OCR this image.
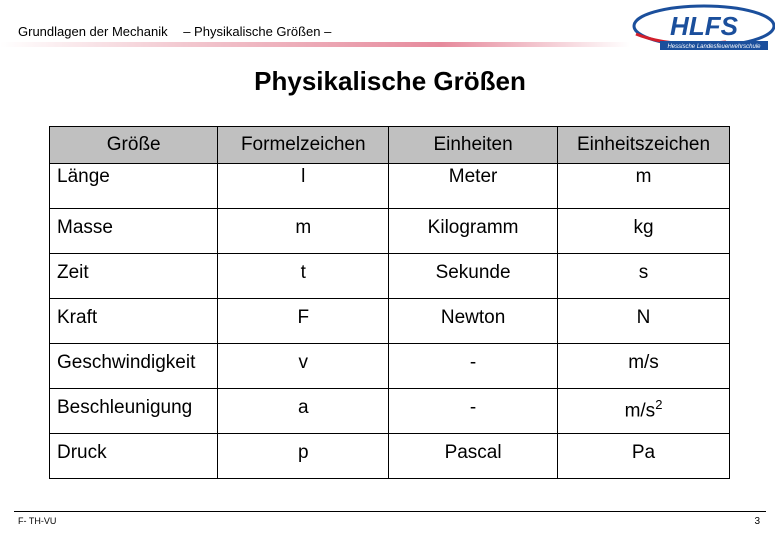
Grundlagen der Mechanik – Physikalische Größen –	HLFS
Hessische Landesfeuerwehrschule
Physikalische Größen
Größe	Formelzeichen	Einheiten	Einheitszeichen
Länge	l	Meter	m
Masse	m	Kilogramm	kg
Zeit	t	Sekunde	s
Kraft	F	Newton	N
Geschwindigkeit	v	-	m/s
Beschleunigung	a	-	$m/s^2$
Druck	p	Pascal	Pa
F- TH-VU	3
